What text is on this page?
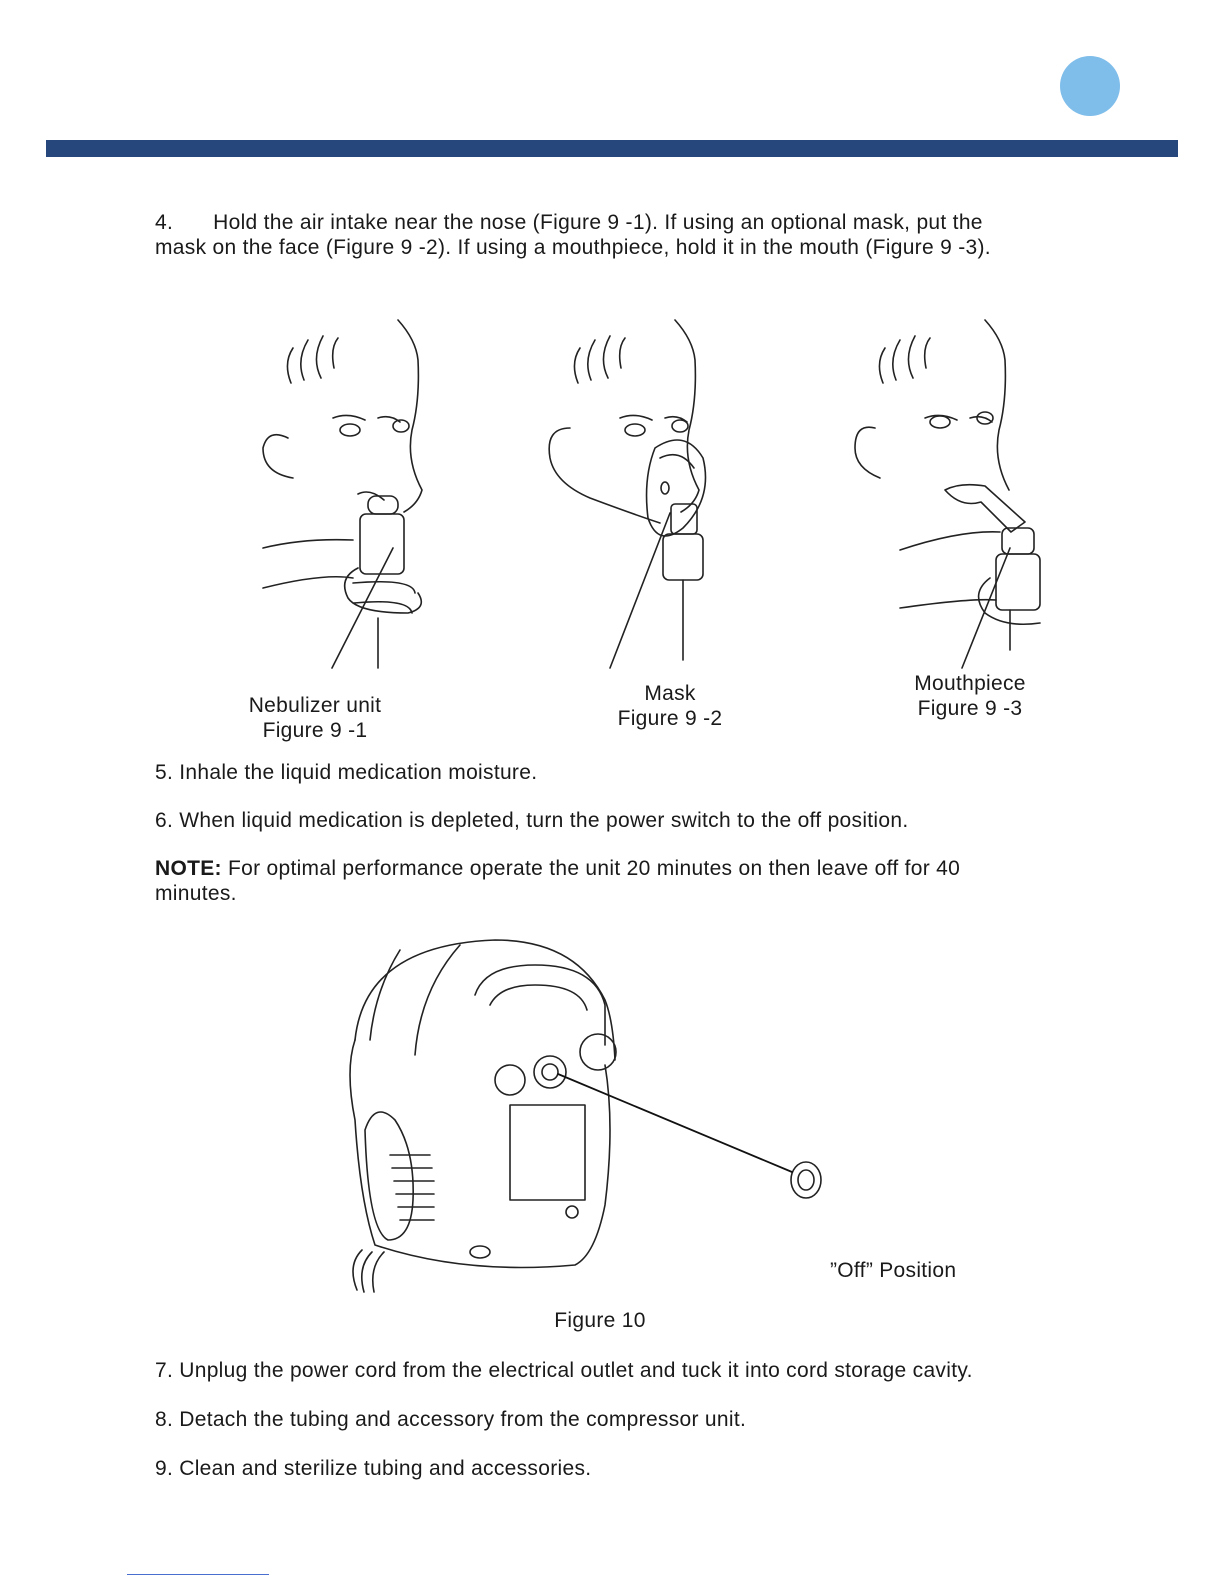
4. Hold the air intake near the nose (Figure 9 -1). If using an optional mask, put the
mask on the face (Figure 9 -2). If using a mouthpiece, hold it in the mouth (Figure 9 -3).
Nebulizer unit
Figure 9 -1
Mask
Figure 9 -2
Mouthpiece
Figure 9 -3
5. Inhale the liquid medication moisture.
6. When liquid medication is depleted, turn the power switch to the off position.
NOTE: For optimal performance operate the unit 20 minutes on then leave off for 40
minutes.
”Off” Position
Figure 10
7. Unplug the power cord from the electrical outlet and tuck it into cord storage cavity.
8. Detach the tubing and accessory from the compressor unit.
9. Clean and sterilize tubing and accessories.
